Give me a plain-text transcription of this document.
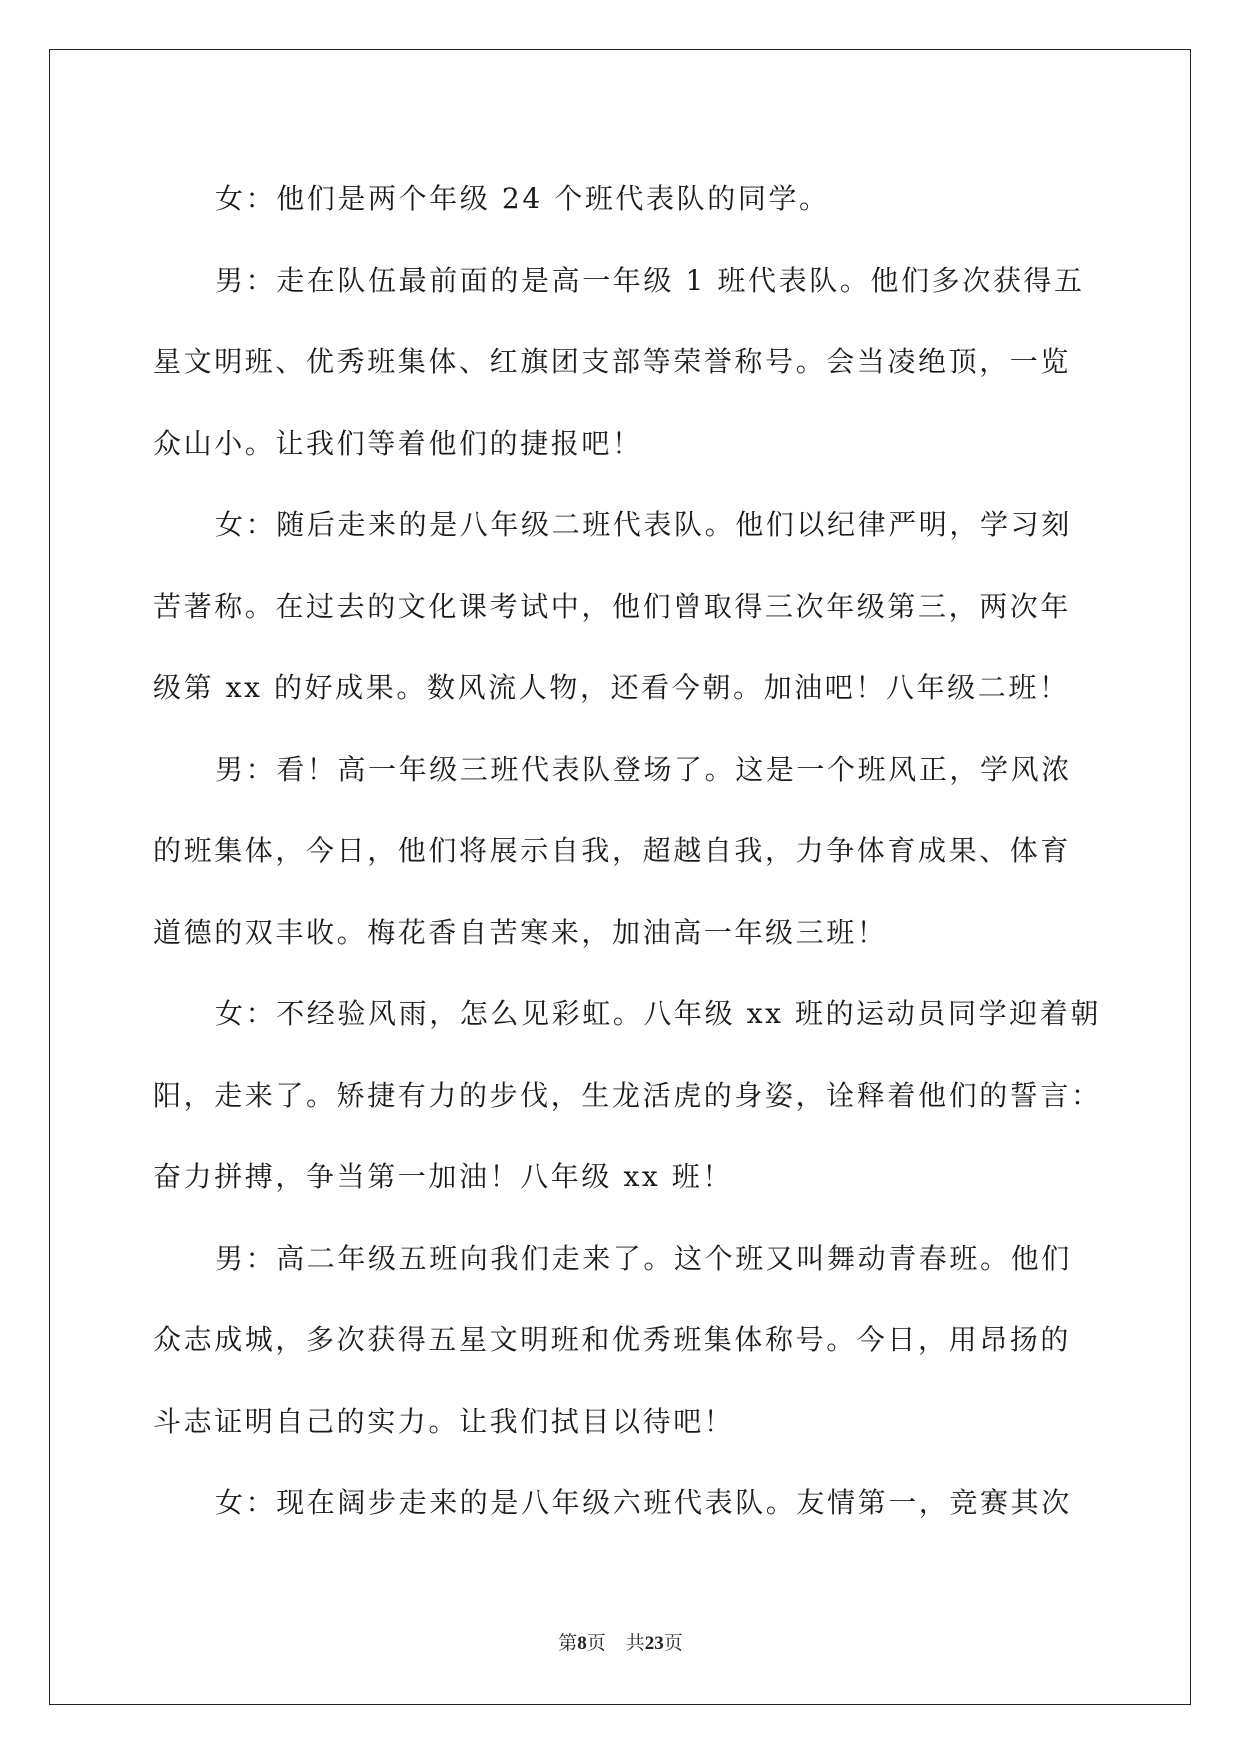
女：他们是两个年级 24 个班代表队的同学。
男：走在队伍最前面的是高一年级 1 班代表队。他们多次获得五
星文明班、优秀班集体、红旗团支部等荣誉称号。会当凌绝顶，一览
众山小。让我们等着他们的捷报吧！
女：随后走来的是八年级二班代表队。他们以纪律严明，学习刻
苦著称。在过去的文化课考试中，他们曾取得三次年级第三，两次年
级第 xx 的好成果。数风流人物，还看今朝。加油吧！八年级二班！
男：看！高一年级三班代表队登场了。这是一个班风正，学风浓
的班集体，今日，他们将展示自我，超越自我，力争体育成果、体育
道德的双丰收。梅花香自苦寒来，加油高一年级三班！
女：不经验风雨，怎么见彩虹。八年级 xx 班的运动员同学迎着朝
阳，走来了。矫捷有力的步伐，生龙活虎的身姿，诠释着他们的誓言：
奋力拼搏，争当第一加油！八年级 xx 班！
男：高二年级五班向我们走来了。这个班又叫舞动青春班。他们
众志成城，多次获得五星文明班和优秀班集体称号。今日，用昂扬的
斗志证明自己的实力。让我们拭目以待吧！
女：现在阔步走来的是八年级六班代表队。友情第一，竞赛其次
第8页 共23页
